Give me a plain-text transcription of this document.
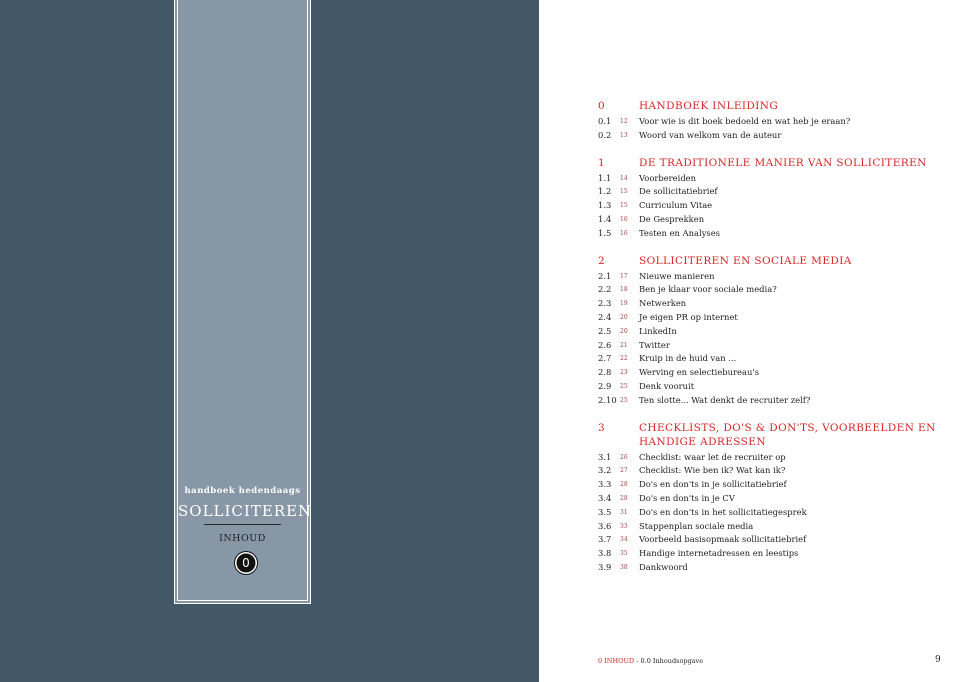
handboek hedendaags
SOLLICITEREN
INHOUD
0
0	HANDBOEK INLEIDING
0.1 12 Voor wie is dit boek bedoeld en wat heb je eraan?
0.2 13 Woord van welkom van de auteur
1	DE TRADITIONELE MANIER VAN SOLLICITEREN
1.1 14 Voorbereiden
1.2 15 De sollicitatiebrief
1.3 15 Curriculum Vitae
1.4 16 De Gesprekken
1.5 16 Testen en Analyses
2	SOLLICITEREN EN SOCIALE MEDIA
2.1 17 Nieuwe manieren
2.2 18 Ben je klaar voor sociale media?
2.3 19 Netwerken
2.4 20 Je eigen PR op internet
2.5 20 LinkedIn
2.6 21 Twitter
2.7 22 Kruip in de huid van ...
2.8 23 Werving en selectiebureau's
2.9 25 Denk vooruit
2.10 25 Ten slotte... Wat denkt de recruiter zelf?
3	CHECKLISTS, DO'S & DON'TS, VOORBEELDEN EN HANDIGE ADRESSEN
3.1 26 Checklist: waar let de recruiter op
3.2 27 Checklist: Wie ben ik? Wat kan ik?
3.3 28 Do's en don'ts in je sollicitatiebrief
3.4 28 Do's en don'ts in je CV
3.5 31 Do's en don'ts in het sollicitatiegesprek
3.6 33 Stappenplan sociale media
3.7 34 Voorbeeld basisopmaak sollicitatiebrief
3.8 35 Handige internetadressen en leestips
3.9 38 Dankwoord
0 INHOUD - 0.0 Inhoudsopgave	9
